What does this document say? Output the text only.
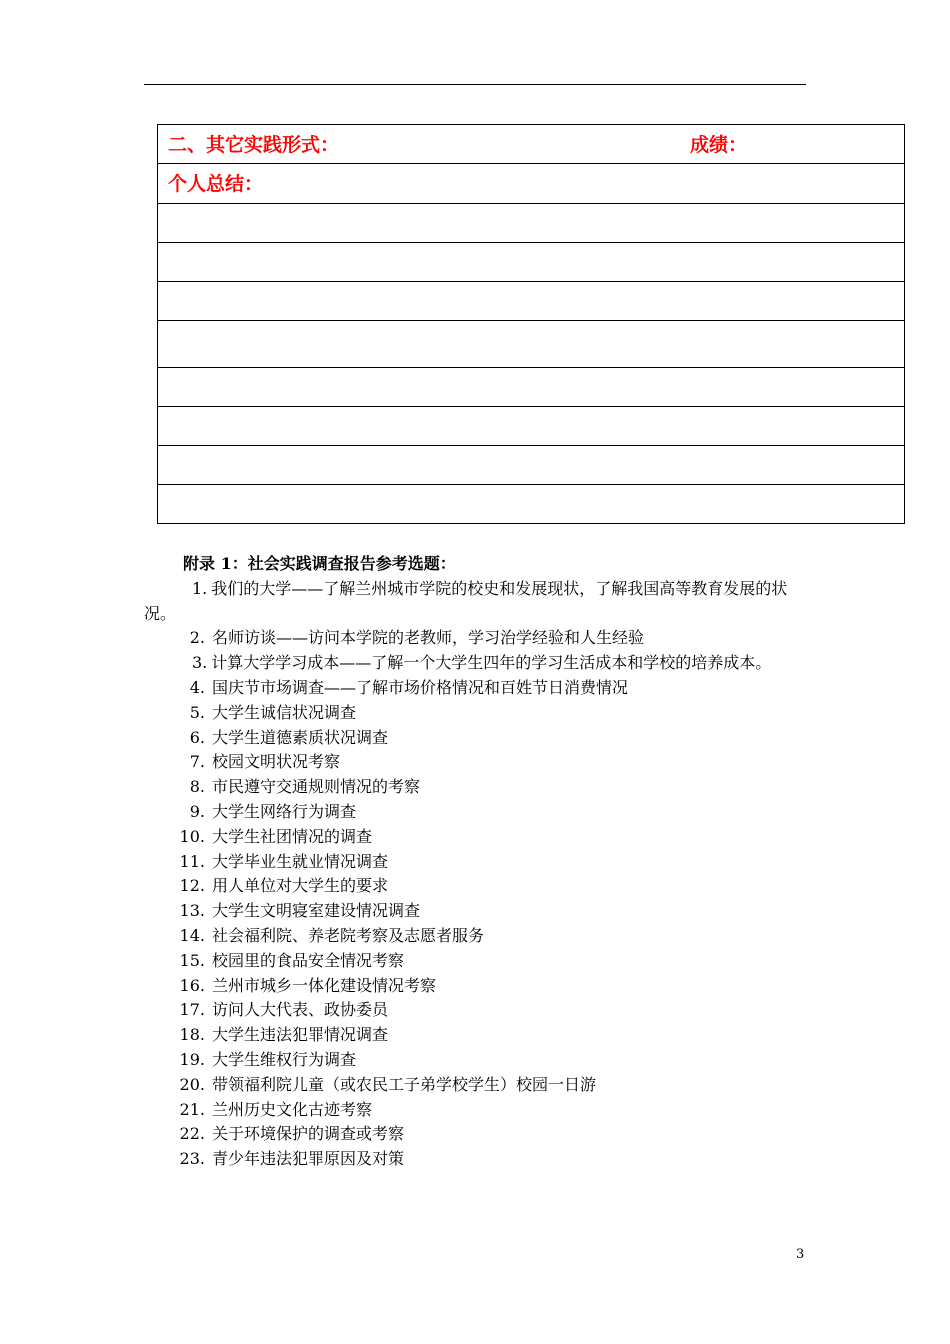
二、其它实践形式：	成绩：

个人总结：

附录 1：社会实践调查报告参考选题：
1. 我们的大学——了解兰州城市学院的校史和发展现状，了解我国高等教育发展的状况。
2. 名师访谈——访问本学院的老教师，学习治学经验和人生经验
3. 计算大学学习成本——了解一个大学生四年的学习生活成本和学校的培养成本。
4. 国庆节市场调查——了解市场价格情况和百姓节日消费情况
5. 大学生诚信状况调查
6. 大学生道德素质状况调查
7. 校园文明状况考察
8. 市民遵守交通规则情况的考察
9. 大学生网络行为调查
10. 大学生社团情况的调查
11. 大学毕业生就业情况调查
12. 用人单位对大学生的要求
13. 大学生文明寝室建设情况调查
14. 社会福利院、养老院考察及志愿者服务
15. 校园里的食品安全情况考察
16. 兰州市城乡一体化建设情况考察
17. 访问人大代表、政协委员
18. 大学生违法犯罪情况调查
19. 大学生维权行为调查
20. 带领福利院儿童（或农民工子弟学校学生）校园一日游
21. 兰州历史文化古迹考察
22. 关于环境保护的调查或考察
23. 青少年违法犯罪原因及对策
3
